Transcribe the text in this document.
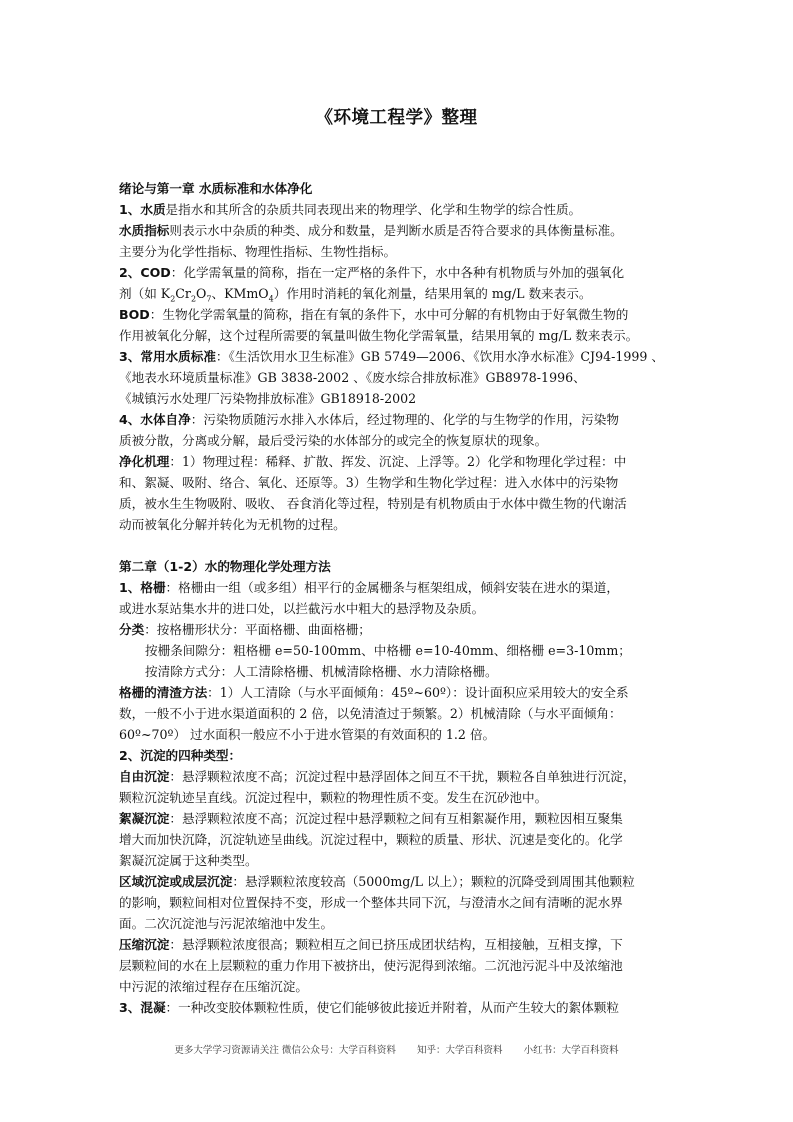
《环境工程学》整理
绪论与第一章 水质标准和水体净化
1、水质是指水和其所含的杂质共同表现出来的物理学、化学和生物学的综合性质。
水质指标则表示水中杂质的种类、成分和数量，是判断水质是否符合要求的具体衡量标准。
主要分为化学性指标、物理性指标、生物性指标。
2、COD：化学需氧量的简称，指在一定严格的条件下，水中各种有机物质与外加的强氧化
剂（如 $K_2Cr_2O_7$、KMmO$_4$）作用时消耗的氧化剂量，结果用氧的 mg/L 数来表示。
BOD：生物化学需氧量的简称，指在有氧的条件下，水中可分解的有机物由于好氧微生物的
作用被氧化分解，这个过程所需要的氧量叫做生物化学需氧量，结果用氧的 mg/L 数来表示。
3、常用水质标准：《生活饮用水卫生标准》GB 5749—2006、《饮用水净水标准》CJ94-1999 、
《地表水环境质量标准》GB 3838-2002 、《废水综合排放标准》GB8978-1996、
《城镇污水处理厂污染物排放标准》GB18918-2002
4、水体自净：污染物质随污水排入水体后，经过物理的、化学的与生物学的作用，污染物
质被分散，分离或分解，最后受污染的水体部分的或完全的恢复原状的现象。
净化机理：1）物理过程：稀释、扩散、挥发、沉淀、上浮等。2）化学和物理化学过程：中
和、絮凝、吸附、络合、氧化、还原等。3）生物学和生物化学过程：进入水体中的污染物
质，被水生生物吸附、吸收、 吞食消化等过程，特别是有机物质由于水体中微生物的代谢活
动而被氧化分解并转化为无机物的过程。
第二章（1-2）水的物理化学处理方法
1、格栅：格栅由一组（或多组）相平行的金属栅条与框架组成，倾斜安装在进水的渠道，
或进水泵站集水井的进口处，以拦截污水中粗大的悬浮物及杂质。
分类：按格栅形状分：平面格栅、曲面格栅；
按栅条间隙分：粗格栅 e=50-100mm、中格栅 e=10-40mm、细格栅 e=3-10mm；
按清除方式分：人工清除格栅、机械清除格栅、水力清除格栅。
格栅的清渣方法：1）人工清除（与水平面倾角：45º~60º）：设计面积应采用较大的安全系
数，一般不小于进水渠道面积的 2 倍，以免清渣过于频繁。2）机械清除（与水平面倾角：
60º~70º） 过水面积一般应不小于进水管渠的有效面积的 1.2 倍。
2、沉淀的四种类型：
自由沉淀：悬浮颗粒浓度不高；沉淀过程中悬浮固体之间互不干扰，颗粒各自单独进行沉淀，
颗粒沉淀轨迹呈直线。沉淀过程中，颗粒的物理性质不变。发生在沉砂池中。
絮凝沉淀：悬浮颗粒浓度不高；沉淀过程中悬浮颗粒之间有互相絮凝作用，颗粒因相互聚集
增大而加快沉降，沉淀轨迹呈曲线。沉淀过程中，颗粒的质量、形状、沉速是变化的。化学
絮凝沉淀属于这种类型。
区域沉淀或成层沉淀：悬浮颗粒浓度较高（5000mg/L 以上）；颗粒的沉降受到周围其他颗粒
的影响，颗粒间相对位置保持不变，形成一个整体共同下沉，与澄清水之间有清晰的泥水界
面。二次沉淀池与污泥浓缩池中发生。
压缩沉淀：悬浮颗粒浓度很高；颗粒相互之间已挤压成团状结构，互相接触，互相支撑，下
层颗粒间的水在上层颗粒的重力作用下被挤出，使污泥得到浓缩。二沉池污泥斗中及浓缩池
中污泥的浓缩过程存在压缩沉淀。
3、混凝：一种改变胶体颗粒性质，使它们能够彼此接近并附着，从而产生较大的絮体颗粒
更多大学学习资源请关注 微信公众号：大学百科资料       知乎：大学百科资料       小红书：大学百科资料
